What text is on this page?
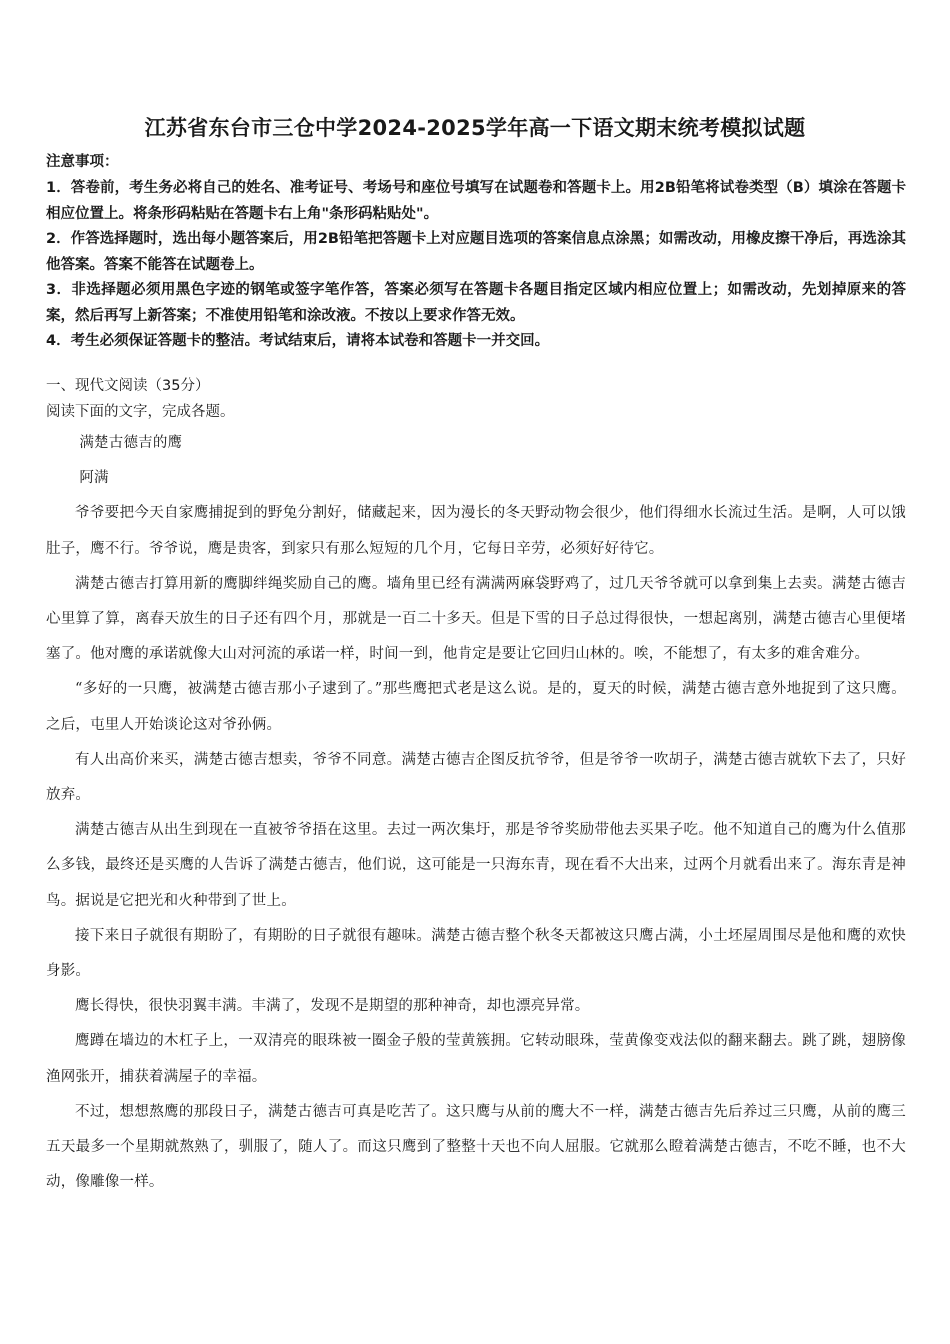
江苏省东台市三仓中学2024-2025学年高一下语文期末统考模拟试题
注意事项：

1．答卷前，考生务必将自己的姓名、准考证号、考场号和座位号填写在试题卷和答题卡上。用2B铅笔将试卷类型（B）填涂在答题卡相应位置上。将条形码粘贴在答题卡右上角"条形码粘贴处"。

2．作答选择题时，选出每小题答案后，用2B铅笔把答题卡上对应题目选项的答案信息点涂黑；如需改动，用橡皮擦干净后，再选涂其他答案。答案不能答在试题卷上。

3．非选择题必须用黑色字迹的钢笔或签字笔作答，答案必须写在答题卡各题目指定区域内相应位置上；如需改动，先划掉原来的答案，然后再写上新答案；不准使用铅笔和涂改液。不按以上要求作答无效。

4．考生必须保证答题卡的整洁。考试结束后，请将本试卷和答题卡一并交回。

一、现代文阅读（35分）
阅读下面的文字，完成各题。

满楚古德吉的鹰

阿满

爷爷要把今天自家鹰捕捉到的野兔分割好，储藏起来，因为漫长的冬天野动物会很少，他们得细水长流过生活。是啊，人可以饿肚子，鹰不行。爷爷说，鹰是贵客，到家只有那么短短的几个月，它每日辛劳，必须好好待它。

满楚古德吉打算用新的鹰脚绊绳奖励自己的鹰。墙角里已经有满满两麻袋野鸡了，过几天爷爷就可以拿到集上去卖。满楚古德吉心里算了算，离春天放生的日子还有四个月，那就是一百二十多天。但是下雪的日子总过得很快，一想起离别，满楚古德吉心里便堵塞了。他对鹰的承诺就像大山对河流的承诺一样，时间一到，他肯定是要让它回归山林的。唉，不能想了，有太多的难舍难分。

“多好的一只鹰，被满楚古德吉那小子逮到了。”那些鹰把式老是这么说。是的，夏天的时候，满楚古德吉意外地捉到了这只鹰。之后，屯里人开始谈论这对爷孙俩。

有人出高价来买，满楚古德吉想卖，爷爷不同意。满楚古德吉企图反抗爷爷，但是爷爷一吹胡子，满楚古德吉就软下去了，只好放弃。

满楚古德吉从出生到现在一直被爷爷捂在这里。去过一两次集圩，那是爷爷奖励带他去买果子吃。他不知道自己的鹰为什么值那么多钱，最终还是买鹰的人告诉了满楚古德吉，他们说，这可能是一只海东青，现在看不大出来，过两个月就看出来了。海东青是神鸟。据说是它把光和火种带到了世上。

接下来日子就很有期盼了，有期盼的日子就很有趣味。满楚古德吉整个秋冬天都被这只鹰占满，小土坯屋周围尽是他和鹰的欢快身影。

鹰长得快，很快羽翼丰满。丰满了，发现不是期望的那种神奇，却也漂亮异常。

鹰蹲在墙边的木杠子上，一双清亮的眼珠被一圈金子般的莹黄簇拥。它转动眼珠，莹黄像变戏法似的翻来翻去。跳了跳，翅膀像渔网张开，捕获着满屋子的幸福。

不过，想想熬鹰的那段日子，满楚古德吉可真是吃苦了。这只鹰与从前的鹰大不一样，满楚古德吉先后养过三只鹰，从前的鹰三五天最多一个星期就熬熟了，驯服了，随人了。而这只鹰到了整整十天也不向人屈服。它就那么瞪着满楚古德吉，不吃不睡，也不大动，像雕像一样。
